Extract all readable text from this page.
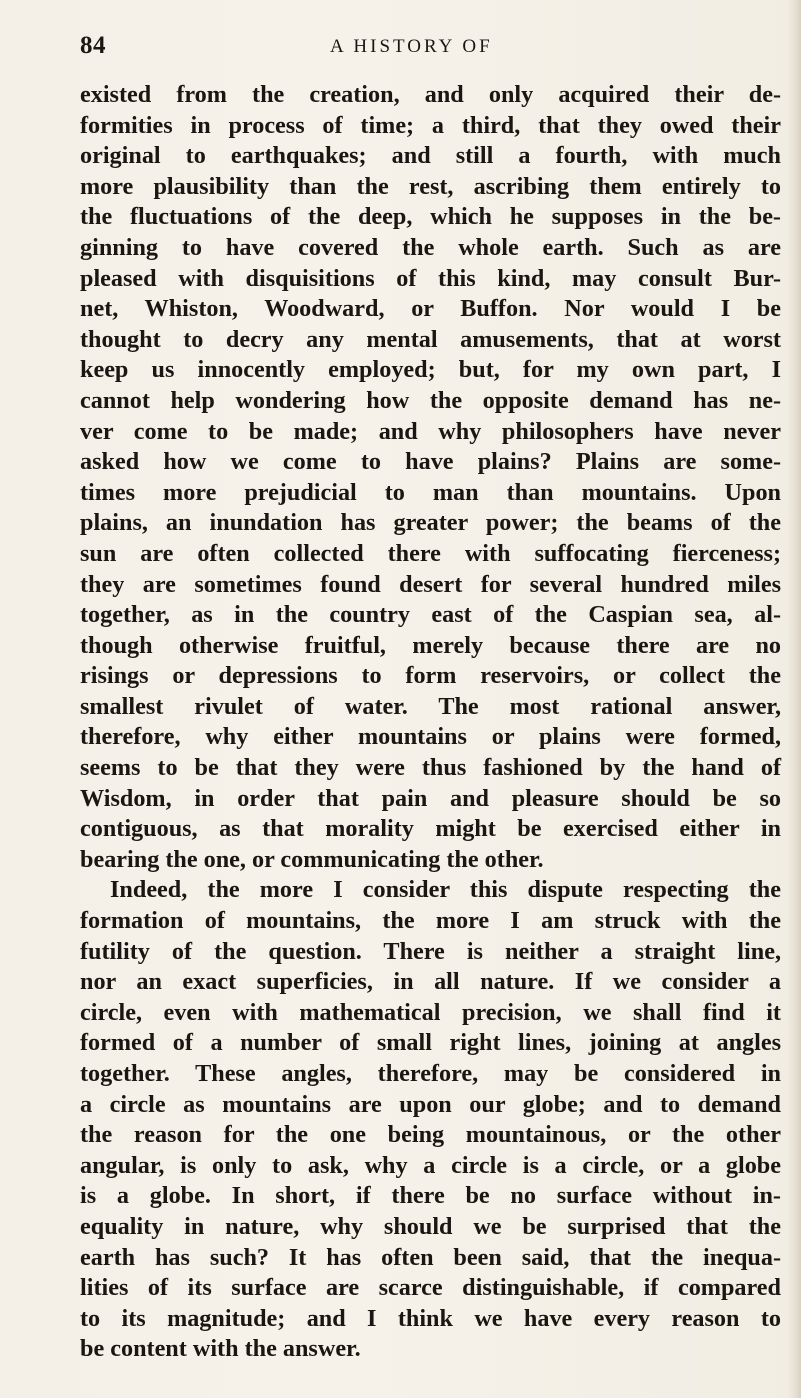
84	A HISTORY OF
existed from the creation, and only acquired their de-
formities in process of time; a third, that they owed their
original to earthquakes; and still a fourth, with much
more plausibility than the rest, ascribing them entirely to
the fluctuations of the deep, which he supposes in the be-
ginning to have covered the whole earth. Such as are
pleased with disquisitions of this kind, may consult Bur-
net, Whiston, Woodward, or Buffon. Nor would I be
thought to decry any mental amusements, that at worst
keep us innocently employed; but, for my own part, I
cannot help wondering how the opposite demand has ne-
ver come to be made; and why philosophers have never
asked how we come to have plains? Plains are some-
times more prejudicial to man than mountains. Upon
plains, an inundation has greater power; the beams of the
sun are often collected there with suffocating fierceness;
they are sometimes found desert for several hundred miles
together, as in the country east of the Caspian sea, al-
though otherwise fruitful, merely because there are no
risings or depressions to form reservoirs, or collect the
smallest rivulet of water. The most rational answer,
therefore, why either mountains or plains were formed,
seems to be that they were thus fashioned by the hand of
Wisdom, in order that pain and pleasure should be so
contiguous, as that morality might be exercised either in
bearing the one, or communicating the other.
Indeed, the more I consider this dispute respecting the
formation of mountains, the more I am struck with the
futility of the question. There is neither a straight line,
nor an exact superficies, in all nature. If we consider a
circle, even with mathematical precision, we shall find it
formed of a number of small right lines, joining at angles
together. These angles, therefore, may be considered in
a circle as mountains are upon our globe; and to demand
the reason for the one being mountainous, or the other
angular, is only to ask, why a circle is a circle, or a globe
is a globe. In short, if there be no surface without in-
equality in nature, why should we be surprised that the
earth has such? It has often been said, that the inequa-
lities of its surface are scarce distinguishable, if compared
to its magnitude; and I think we have every reason to
be content with the answer.
